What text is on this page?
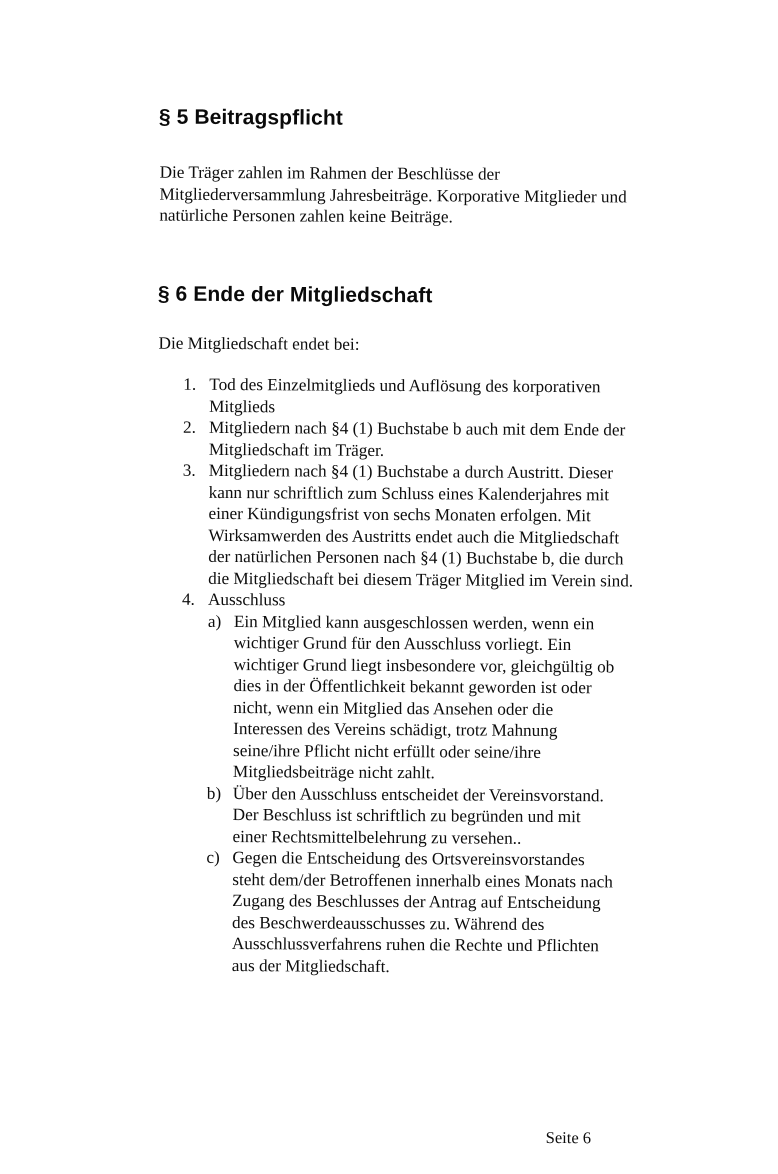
§ 5 Beitragspflicht

Die Träger zahlen im Rahmen der Beschlüsse der Mitgliederversammlung Jahresbeiträge. Korporative Mitglieder und natürliche Personen zahlen keine Beiträge.

§ 6 Ende der Mitgliedschaft

Die Mitgliedschaft endet bei:

1. Tod des Einzelmitglieds und Auflösung des korporativen Mitglieds
2. Mitgliedern nach §4 (1) Buchstabe b auch mit dem Ende der Mitgliedschaft im Träger.
3. Mitgliedern nach §4 (1) Buchstabe a durch Austritt. Dieser kann nur schriftlich zum Schluss eines Kalenderjahres mit einer Kündigungsfrist von sechs Monaten erfolgen. Mit Wirksamwerden des Austritts endet auch die Mitgliedschaft der natürlichen Personen nach §4 (1) Buchstabe b, die durch die Mitgliedschaft bei diesem Träger Mitglied im Verein sind.
4. Ausschluss
a) Ein Mitglied kann ausgeschlossen werden, wenn ein wichtiger Grund für den Ausschluss vorliegt. Ein wichtiger Grund liegt insbesondere vor, gleichgültig ob dies in der Öffentlichkeit bekannt geworden ist oder nicht, wenn ein Mitglied das Ansehen oder die Interessen des Vereins schädigt, trotz Mahnung seine/ihre Pflicht nicht erfüllt oder seine/ihre Mitgliedsbeiträge nicht zahlt.
b) Über den Ausschluss entscheidet der Vereinsvorstand. Der Beschluss ist schriftlich zu begründen und mit einer Rechtsmittelbelehrung zu versehen..
c) Gegen die Entscheidung des Ortsvereinsvorstandes steht dem/der Betroffenen innerhalb eines Monats nach Zugang des Beschlusses der Antrag auf Entscheidung des Beschwerdeausschusses zu. Während des Ausschlussverfahrens ruhen die Rechte und Pflichten aus der Mitgliedschaft.
Seite 6
